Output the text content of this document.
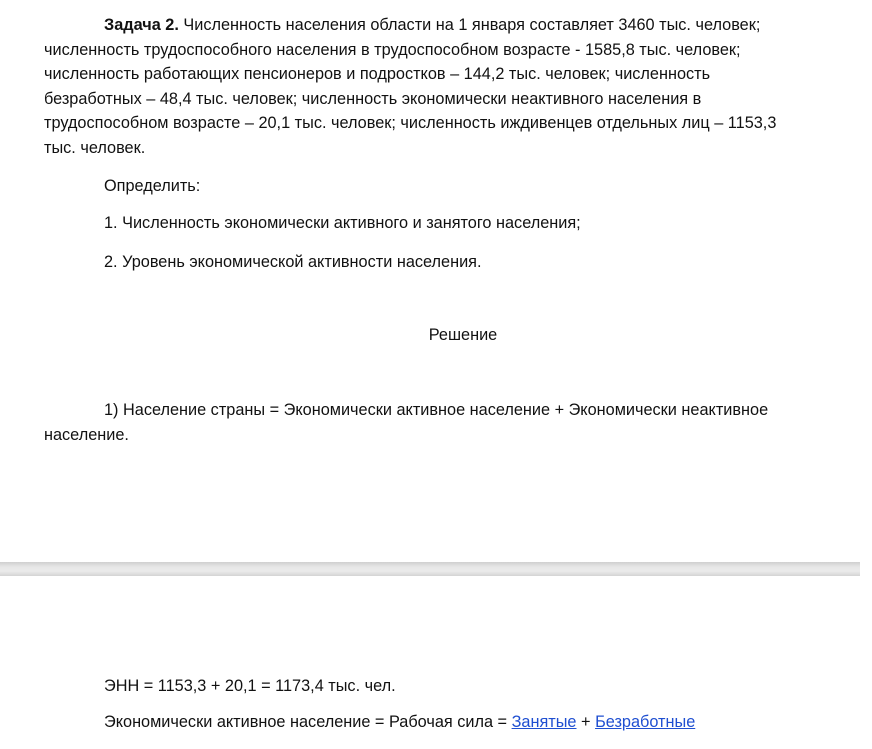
Задача 2. Численность населения области на 1 января составляет 3460 тыс. человек;
численность трудоспособного населения в трудоспособном возрасте - 1585,8 тыс. человек;
численность работающих пенсионеров и подростков – 144,2 тыс. человек; численность
безработных – 48,4 тыс. человек; численность экономически неактивного населения в
трудоспособном возрасте – 20,1 тыс. человек; численность иждивенцев отдельных лиц – 1153,3
тыс. человек.
Определить:
1. Численность экономически активного и занятого населения;
2. Уровень экономической активности населения.
Решение
1) Население страны = Экономически активное население + Экономически неактивное
население.
ЭНН = 1153,3 + 20,1 = 1173,4 тыс. чел.
Экономически активное население = Рабочая сила = Занятые + Безработные
